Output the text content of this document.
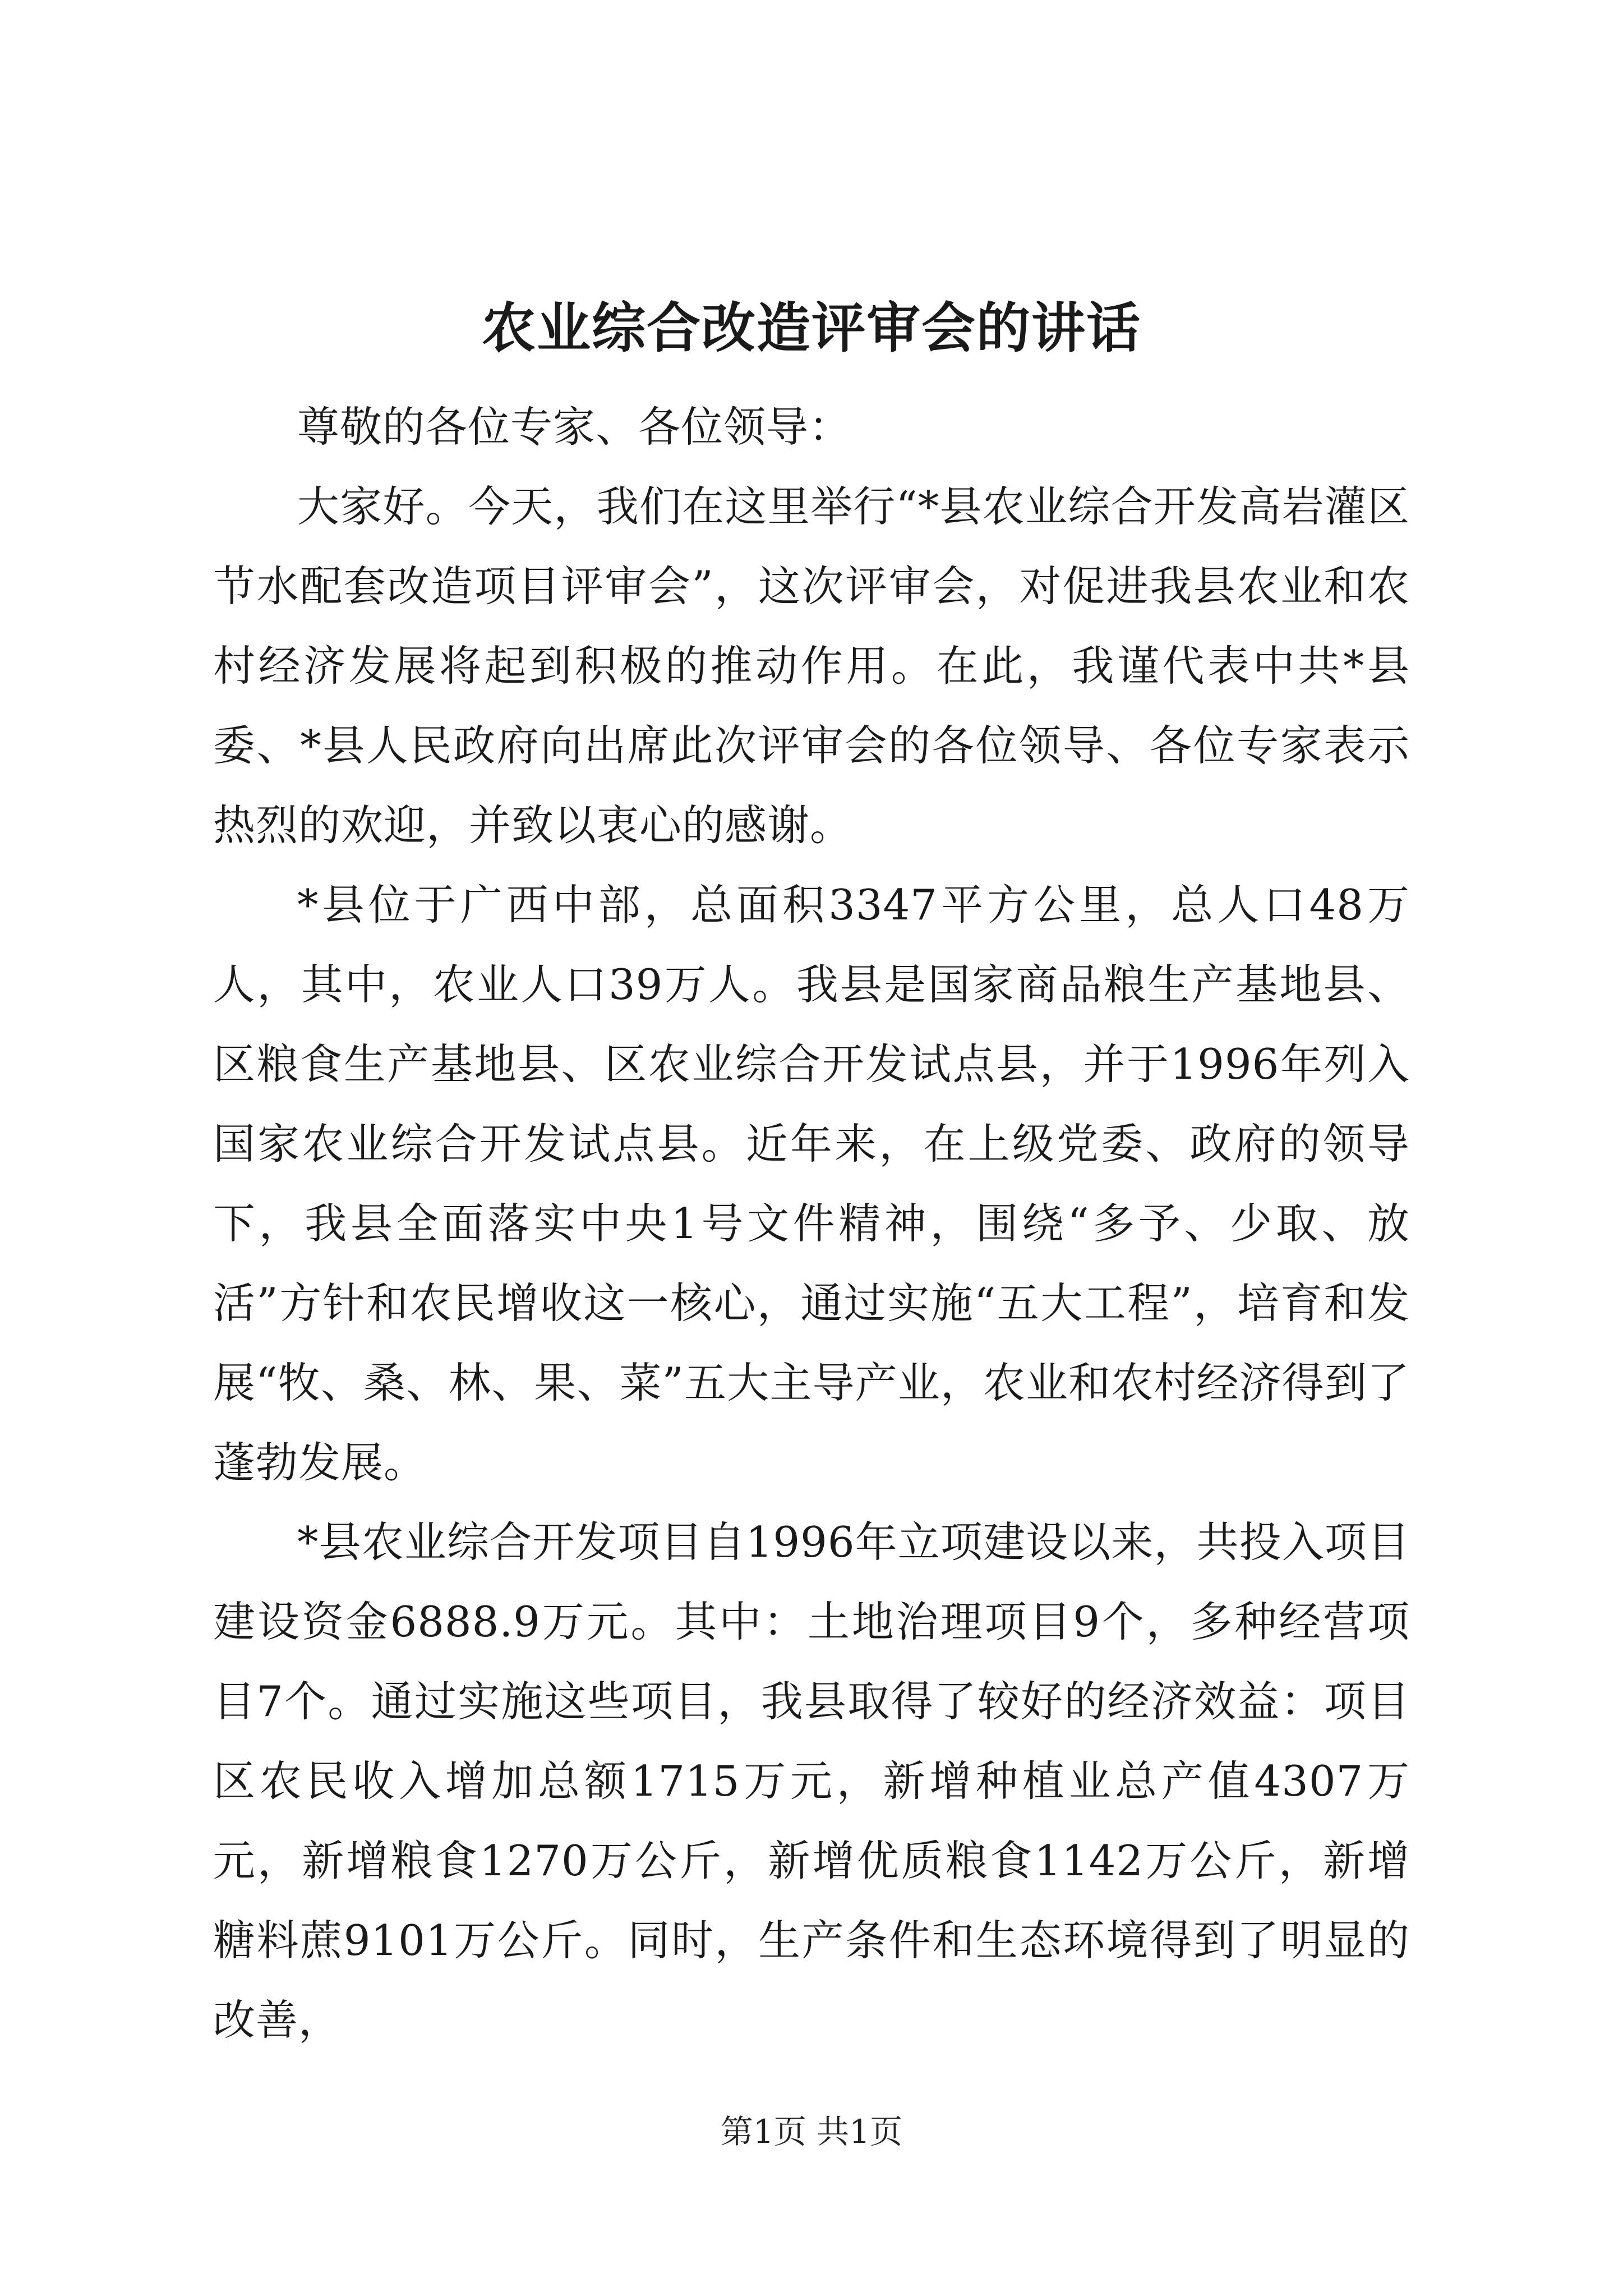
农业综合改造评审会的讲话

尊敬的各位专家、各位领导：

大家好。今天，我们在这里举行“*县农业综合开发高岩灌区节水配套改造项目评审会”，这次评审会，对促进我县农业和农村经济发展将起到积极的推动作用。在此，我谨代表中共*县委、*县人民政府向出席此次评审会的各位领导、各位专家表示热烈的欢迎，并致以衷心的感谢。

*县位于广西中部，总面积3347平方公里，总人口48万人，其中，农业人口39万人。我县是国家商品粮生产基地县、区粮食生产基地县、区农业综合开发试点县，并于1996年列入国家农业综合开发试点县。近年来，在上级党委、政府的领导下，我县全面落实中央1号文件精神，围绕“多予、少取、放活”方针和农民增收这一核心，通过实施“五大工程”，培育和发展“牧、桑、林、果、菜”五大主导产业，农业和农村经济得到了蓬勃发展。

*县农业综合开发项目自1996年立项建设以来，共投入项目建设资金6888.9万元。其中：土地治理项目9个，多种经营项目7个。通过实施这些项目，我县取得了较好的经济效益：项目区农民收入增加总额1715万元，新增种植业总产值4307万元，新增粮食1270万公斤，新增优质粮食1142万公斤，新增糖料蔗9101万公斤。同时，生产条件和生态环境得到了明显的改善，

第1页 共1页
